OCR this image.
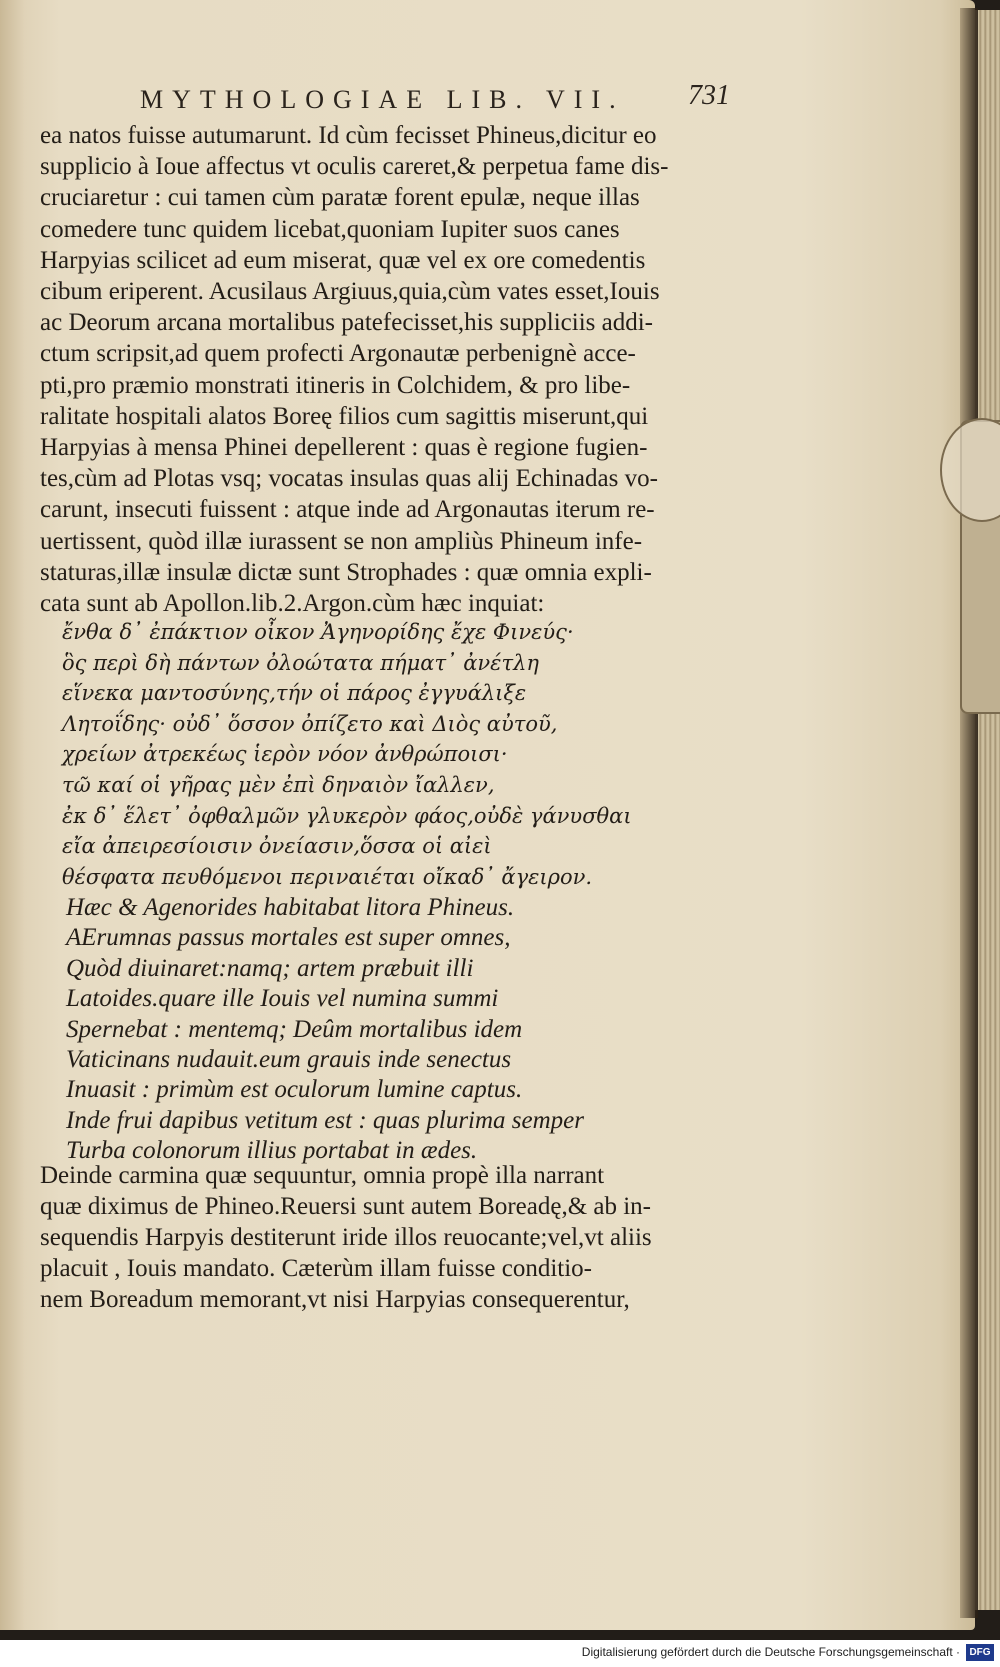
MYTHOLOGIAE LIB. VII.	731
ea natos fuisse autumarunt. Id cùm fecisset Phineus,dicitur eo
supplicio à Ioue affectus vt oculis careret,& perpetua fame dis-
cruciaretur : cui tamen cùm paratæ forent epulæ, neque illas
comedere tunc quidem licebat,quoniam Iupiter suos canes
Harpyias scilicet ad eum miserat, quæ vel ex ore comedentis
cibum eriperent. Acusilaus Argiuus,quia,cùm vates esset,Iouis
ac Deorum arcana mortalibus patefecisset,his suppliciis addi-
ctum scripsit,ad quem profecti Argonautæ perbenignè acce-
pti,pro præmio monstrati itineris in Colchidem, & pro libe-
ralitate hospitali alatos Boreę filios cum sagittis miserunt,qui
Harpyias à mensa Phinei depellerent : quas è regione fugien-
tes,cùm ad Plotas vsq; vocatas insulas quas alij Echinadas vo-
carunt, insecuti fuissent : atque inde ad Argonautas iterum re-
uertissent, quòd illæ iurassent se non ampliùs Phineum infe-
staturas,illæ insulæ dictæ sunt Strophades : quæ omnia expli-
cata sunt ab Apollon.lib.2.Argon.cùm hæc inquiat:
ἔνθα δ᾽ ἐπάκτιον οἶκον Ἀγηνορίδης ἔχε Φινεύς·
ὃς περὶ δὴ πάντων ὀλοώτατα πήματ᾽ ἀνέτλη
εἵνεκα μαντοσύνης,τήν οἱ πάρος ἐγγυάλιξε
Λητοΐδης· οὐδ᾽ ὅσσον ὀπίζετο καὶ Διὸς αὐτοῦ,
χρείων ἀτρεκέως ἱερὸν νόον ἀνθρώποισι·
τῶ καί οἱ γῆρας μὲν ἐπὶ δηναιὸν ἴαλλεν,
ἐκ δ᾽ ἕλετ᾽ ὀφθαλμῶν γλυκερὸν φάος,οὐδὲ γάνυσθαι
εἴα ἀπειρεσίοισιν ὀνείασιν,ὅσσα οἱ αἰεὶ
θέσφατα πευθόμενοι περιναιέται οἴκαδ᾽ ἄγειρον.
Hæc & Agenorides habitabat litora Phineus.
AErumnas passus mortales est super omnes,
Quòd diuinaret:namq; artem præbuit illi
Latoides.quare ille Iouis vel numina summi
Spernebat : mentemq; Deûm mortalibus idem
Vaticinans nudauit.eum grauis inde senectus
Inuasit : primùm est oculorum lumine captus.
Inde frui dapibus vetitum est : quas plurima semper
Turba colonorum illius portabat in ædes.
Deinde carmina quæ sequuntur, omnia propè illa narrant
quæ diximus de Phineo.Reuersi sunt autem Boreadę,& ab in-
sequendis Harpyis destiterunt iride illos reuocante;vel,vt aliis
placuit , Iouis mandato. Cæterùm illam fuisse conditio-
nem Boreadum memorant,vt nisi Harpyias consequerentur,
Digitalisierung gefördert durch die Deutsche Forschungsgemeinschaft · DFG
